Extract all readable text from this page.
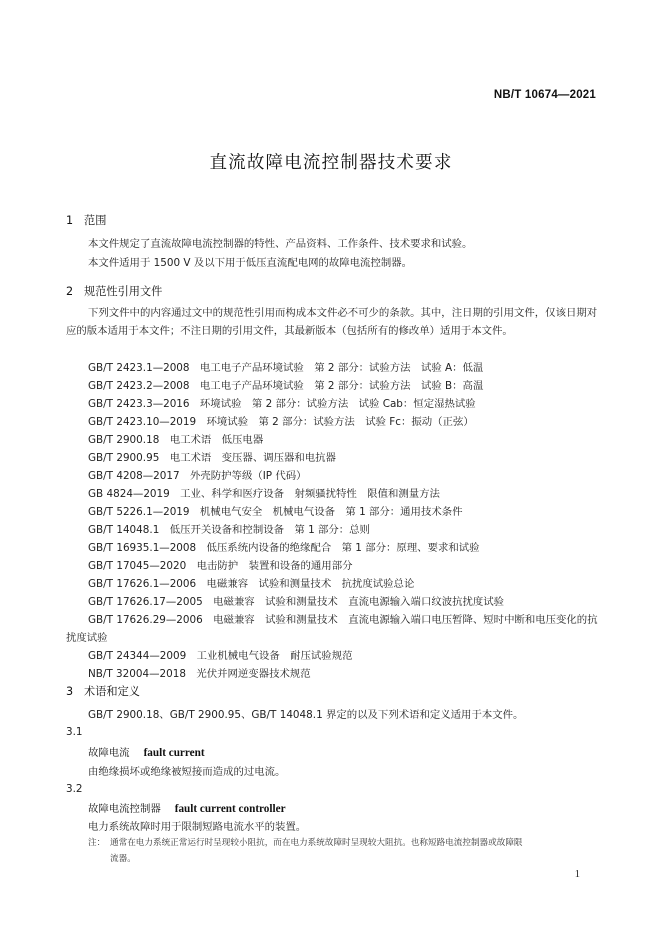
NB/T 10674—2021

直流故障电流控制器技术要求
1 范围

本文件规定了直流故障电流控制器的特性、产品资料、工作条件、技术要求和试验。

本文件适用于 1500 V 及以下用于低压直流配电网的故障电流控制器。

2 规范性引用文件

下列文件中的内容通过文中的规范性引用而构成本文件必不可少的条款。其中，注日期的引用文件，仅该日期对应的版本适用于本文件；不注日期的引用文件，其最新版本（包括所有的修改单）适用于本文件。

GB/T 2423.1—2008　 电工电子产品环境试验　第 2 部分：试验方法　试验 A：低温
GB/T 2423.2—2008　 电工电子产品环境试验　第 2 部分：试验方法　试验 B：高温
GB/T 2423.3—2016　 环境试验　第 2 部分：试验方法　试验 Cab：恒定湿热试验
GB/T 2423.10—2019　 环境试验　第 2 部分：试验方法　试验 Fc：振动（正弦）
GB/T 2900.18　 电工术语　低压电器
GB/T 2900.95　 电工术语　变压器、调压器和电抗器
GB/T 4208—2017　 外壳防护等级（IP 代码）
GB 4824—2019　 工业、科学和医疗设备　射频骚扰特性　限值和测量方法
GB/T 5226.1—2019　 机械电气安全　机械电气设备　第 1 部分：通用技术条件
GB/T 14048.1　 低压开关设备和控制设备　第 1 部分：总则
GB/T 16935.1—2008　 低压系统内设备的绝缘配合　第 1 部分：原理、要求和试验
GB/T 17045—2020　 电击防护　装置和设备的通用部分
GB/T 17626.1—2006　 电磁兼容　试验和测量技术　抗扰度试验总论
GB/T 17626.17—2005　 电磁兼容　试验和测量技术　直流电源输入端口纹波抗扰度试验
GB/T 17626.29—2006　 电磁兼容　试验和测量技术　直流电源输入端口电压暂降、短时中断和电压变化的抗扰度试验
GB/T 24344—2009　 工业机械电气设备　耐压试验规范
NB/T 32004—2018　 光伏并网逆变器技术规范
3 术语和定义

GB/T 2900.18、GB/T 2900.95、GB/T 14048.1 界定的以及下列术语和定义适用于本文件。

3.1

故障电流 fault current

由绝缘损坏或绝缘被短接而造成的过电流。

3.2

故障电流控制器 fault current controller

电力系统故障时用于限制短路电流水平的装置。

注： 通常在电力系统正常运行时呈现较小阻抗，而在电力系统故障时呈现较大阻抗。也称短路电流控制器或故障限
流器。

1
